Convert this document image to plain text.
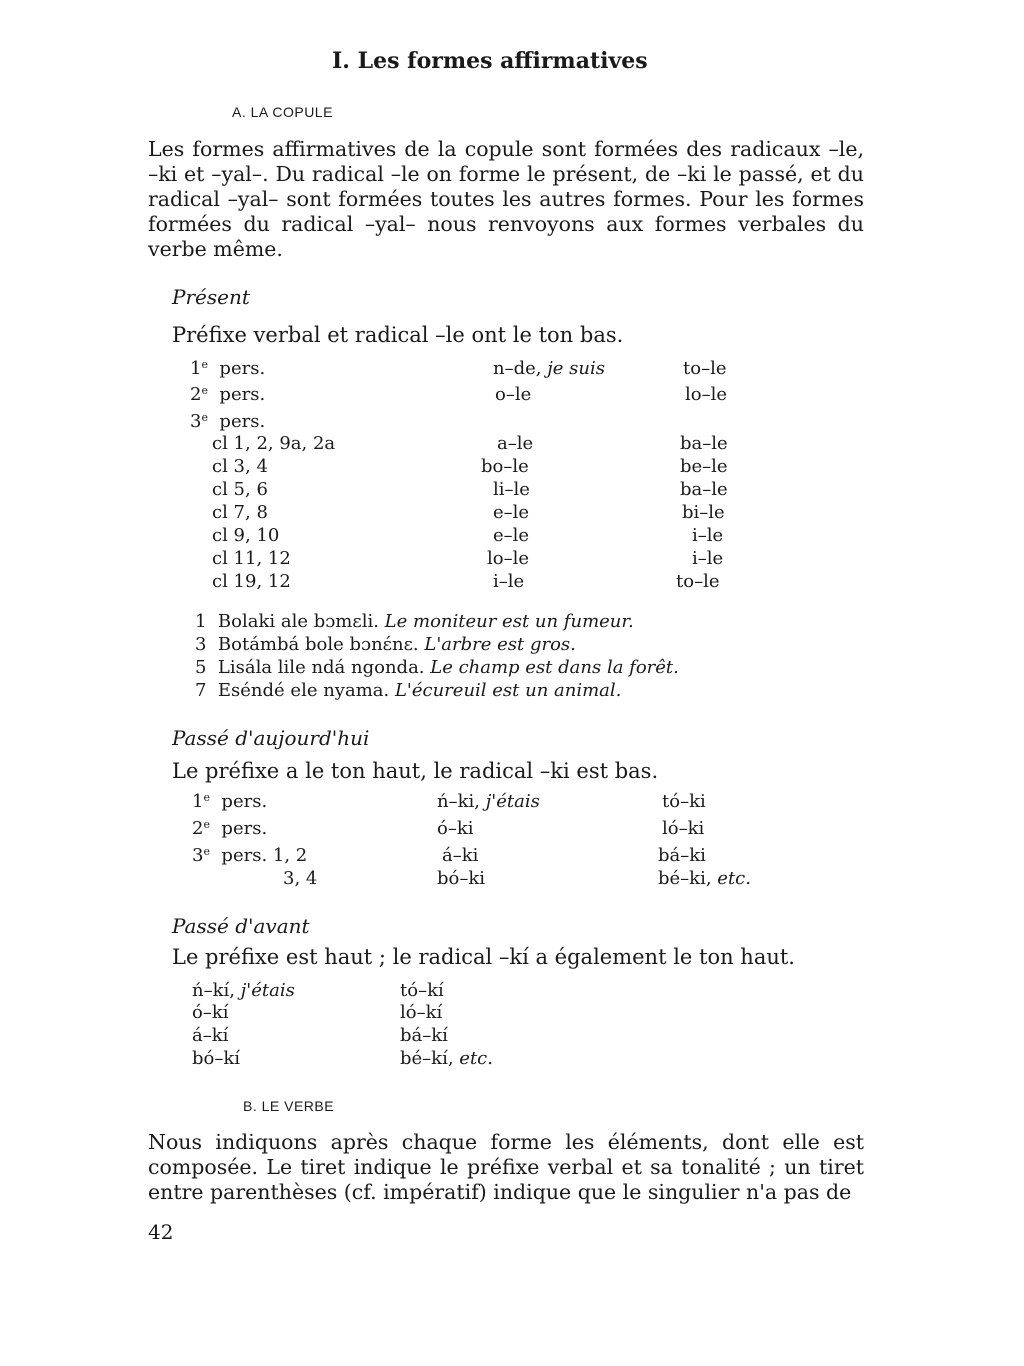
I. Les formes affirmatives
A. LA COPULE
Les formes affirmatives de la copule sont formées des radicaux –le, –ki et –yal–. Du radical –le on forme le présent, de –ki le passé, et du radical –yal– sont formées toutes les autres formes. Pour les formes formées du radical –yal– nous renvoyons aux formes verbales du verbe même.
Présent
Préfixe verbal et radical –le ont le ton bas.
1e pers.	n–de, je suis	to–le
2e pers.	o–le	lo–le
3e pers.
cl 1, 2, 9a, 2a	a–le	ba–le
cl 3, 4	bo–le	be–le
cl 5, 6	li–le	ba–le
cl 7, 8	e–le	bi–le
cl 9, 10	e–le	i–le
cl 11, 12	lo–le	i–le
cl 19, 12	i–le	to–le
1 Bolaki ale bɔmɛli. Le moniteur est un fumeur.
3 Botámbá bole bɔnɛ́nɛ. L'arbre est gros.
5 Lisála lile ndá ngonda. Le champ est dans la forêt.
7 Eséndé ele nyama. L'écureuil est un animal.
Passé d'aujourd'hui
Le préfixe a le ton haut, le radical –ki est bas.
1e pers.	ń–ki, j'étais	tó–ki
2e pers.	ó–ki	ló–ki
3e pers. 1, 2	á–ki	bá–ki
3, 4	bó–ki	bé–ki, etc.
Passé d'avant
Le préfixe est haut ; le radical –kí a également le ton haut.
ń–kí, j'étais	tó–kí
ó–kí	ló–kí
á–kí	bá–kí
bó–kí	bé–kí, etc.
B. LE VERBE
Nous indiquons après chaque forme les éléments, dont elle est composée. Le tiret indique le préfixe verbal et sa tonalité ; un tiret entre parenthèses (cf. impératif) indique que le singulier n'a pas de
42
